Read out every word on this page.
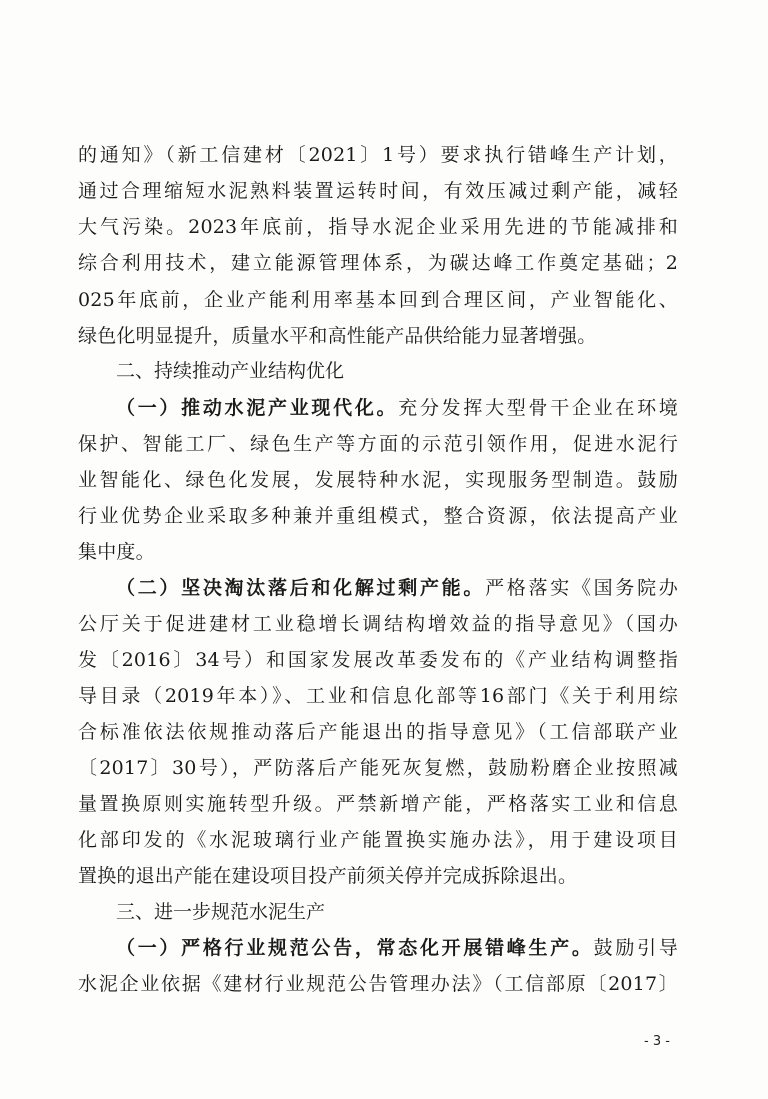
的通知》（新工信建材〔2021〕1号）要求执行错峰生产计划，
通过合理缩短水泥熟料装置运转时间，有效压减过剩产能，减轻
大气污染。2023年底前，指导水泥企业采用先进的节能减排和
综合利用技术，建立能源管理体系，为碳达峰工作奠定基础；2
025年底前，企业产能利用率基本回到合理区间，产业智能化、
绿色化明显提升，质量水平和高性能产品供给能力显著增强。
二、持续推动产业结构优化
（一）推动水泥产业现代化。充分发挥大型骨干企业在环境
保护、智能工厂、绿色生产等方面的示范引领作用，促进水泥行
业智能化、绿色化发展，发展特种水泥，实现服务型制造。鼓励
行业优势企业采取多种兼并重组模式，整合资源，依法提高产业
集中度。
（二）坚决淘汰落后和化解过剩产能。严格落实《国务院办
公厅关于促进建材工业稳增长调结构增效益的指导意见》（国办
发〔2016〕34号）和国家发展改革委发布的《产业结构调整指
导目录（2019年本）》、工业和信息化部等16部门《关于利用综
合标准依法依规推动落后产能退出的指导意见》（工信部联产业
〔2017〕30号），严防落后产能死灰复燃，鼓励粉磨企业按照减
量置换原则实施转型升级。严禁新增产能，严格落实工业和信息
化部印发的《水泥玻璃行业产能置换实施办法》，用于建设项目
置换的退出产能在建设项目投产前须关停并完成拆除退出。
三、进一步规范水泥生产
（一）严格行业规范公告，常态化开展错峰生产。鼓励引导
水泥企业依据《建材行业规范公告管理办法》（工信部原〔2017〕
- 3 -
